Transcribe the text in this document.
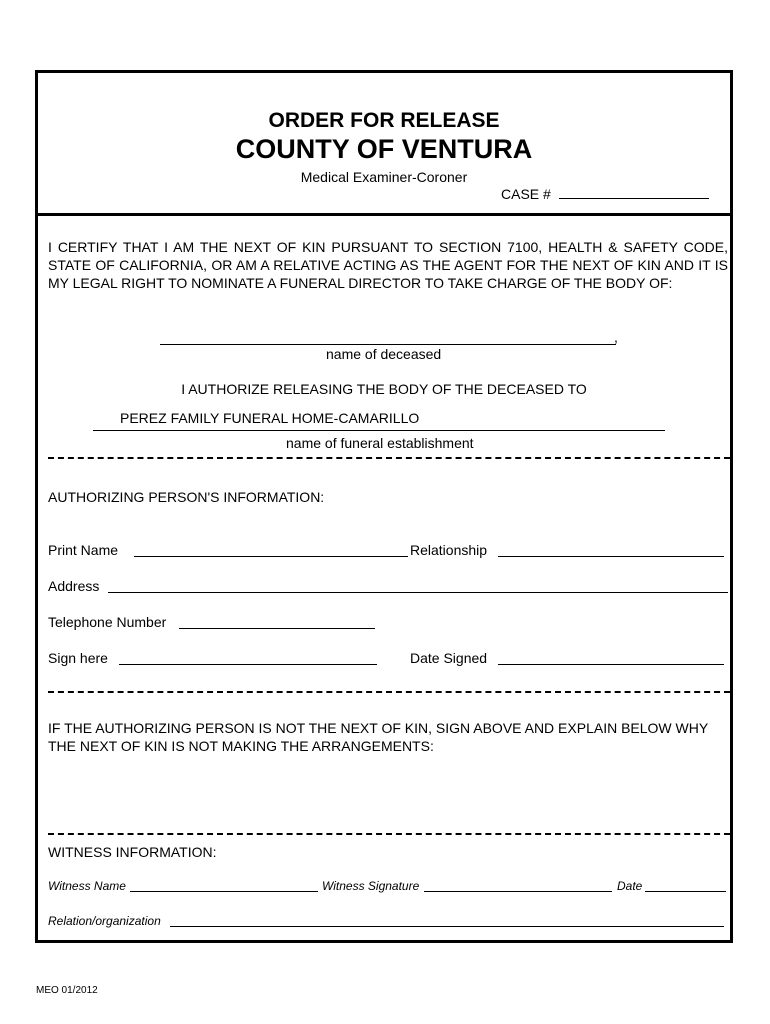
ORDER FOR RELEASE
COUNTY OF VENTURA
Medical Examiner-Coroner
CASE #
I CERTIFY THAT I AM THE NEXT OF KIN PURSUANT TO SECTION 7100, HEALTH & SAFETY CODE, STATE OF CALIFORNIA, OR AM A RELATIVE ACTING AS THE AGENT FOR THE NEXT OF KIN AND IT IS MY LEGAL RIGHT TO NOMINATE A FUNERAL DIRECTOR TO TAKE CHARGE OF THE BODY OF:
,
name of deceased
I AUTHORIZE RELEASING THE BODY OF THE DECEASED TO
PEREZ FAMILY FUNERAL HOME-CAMARILLO
name of funeral establishment
AUTHORIZING PERSON'S INFORMATION:
Print Name	Relationship
Address
Telephone Number
Sign here	Date Signed
IF THE AUTHORIZING PERSON IS NOT THE NEXT OF KIN, SIGN ABOVE AND EXPLAIN BELOW WHY THE NEXT OF KIN IS NOT MAKING THE ARRANGEMENTS:
WITNESS INFORMATION:
Witness Name	Witness Signature	Date
Relation/organization
MEO 01/2012
